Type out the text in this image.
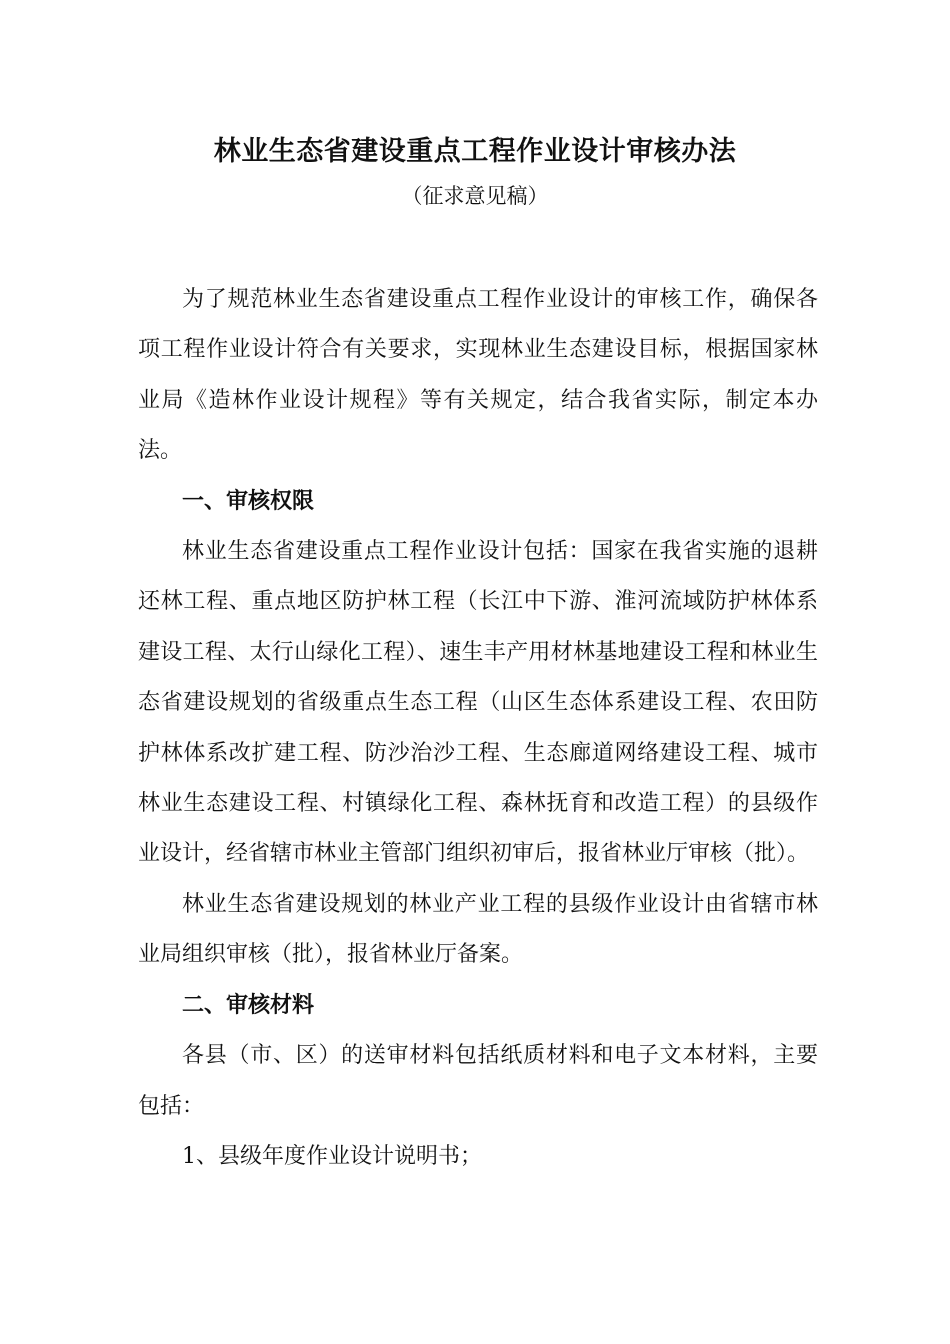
林业生态省建设重点工程作业设计审核办法
（征求意见稿）

为了规范林业生态省建设重点工程作业设计的审核工作，确保各项工程作业设计符合有关要求，实现林业生态建设目标，根据国家林业局《造林作业设计规程》等有关规定，结合我省实际，制定本办法。

一、审核权限

林业生态省建设重点工程作业设计包括：国家在我省实施的退耕还林工程、重点地区防护林工程（长江中下游、淮河流域防护林体系建设工程、太行山绿化工程）、速生丰产用材林基地建设工程和林业生态省建设规划的省级重点生态工程（山区生态体系建设工程、农田防护林体系改扩建工程、防沙治沙工程、生态廊道网络建设工程、城市林业生态建设工程、村镇绿化工程、森林抚育和改造工程）的县级作业设计，经省辖市林业主管部门组织初审后，报省林业厅审核（批）。

林业生态省建设规划的林业产业工程的县级作业设计由省辖市林业局组织审核（批），报省林业厅备案。

二、审核材料

各县（市、区）的送审材料包括纸质材料和电子文本材料，主要包括：

1、县级年度作业设计说明书；
